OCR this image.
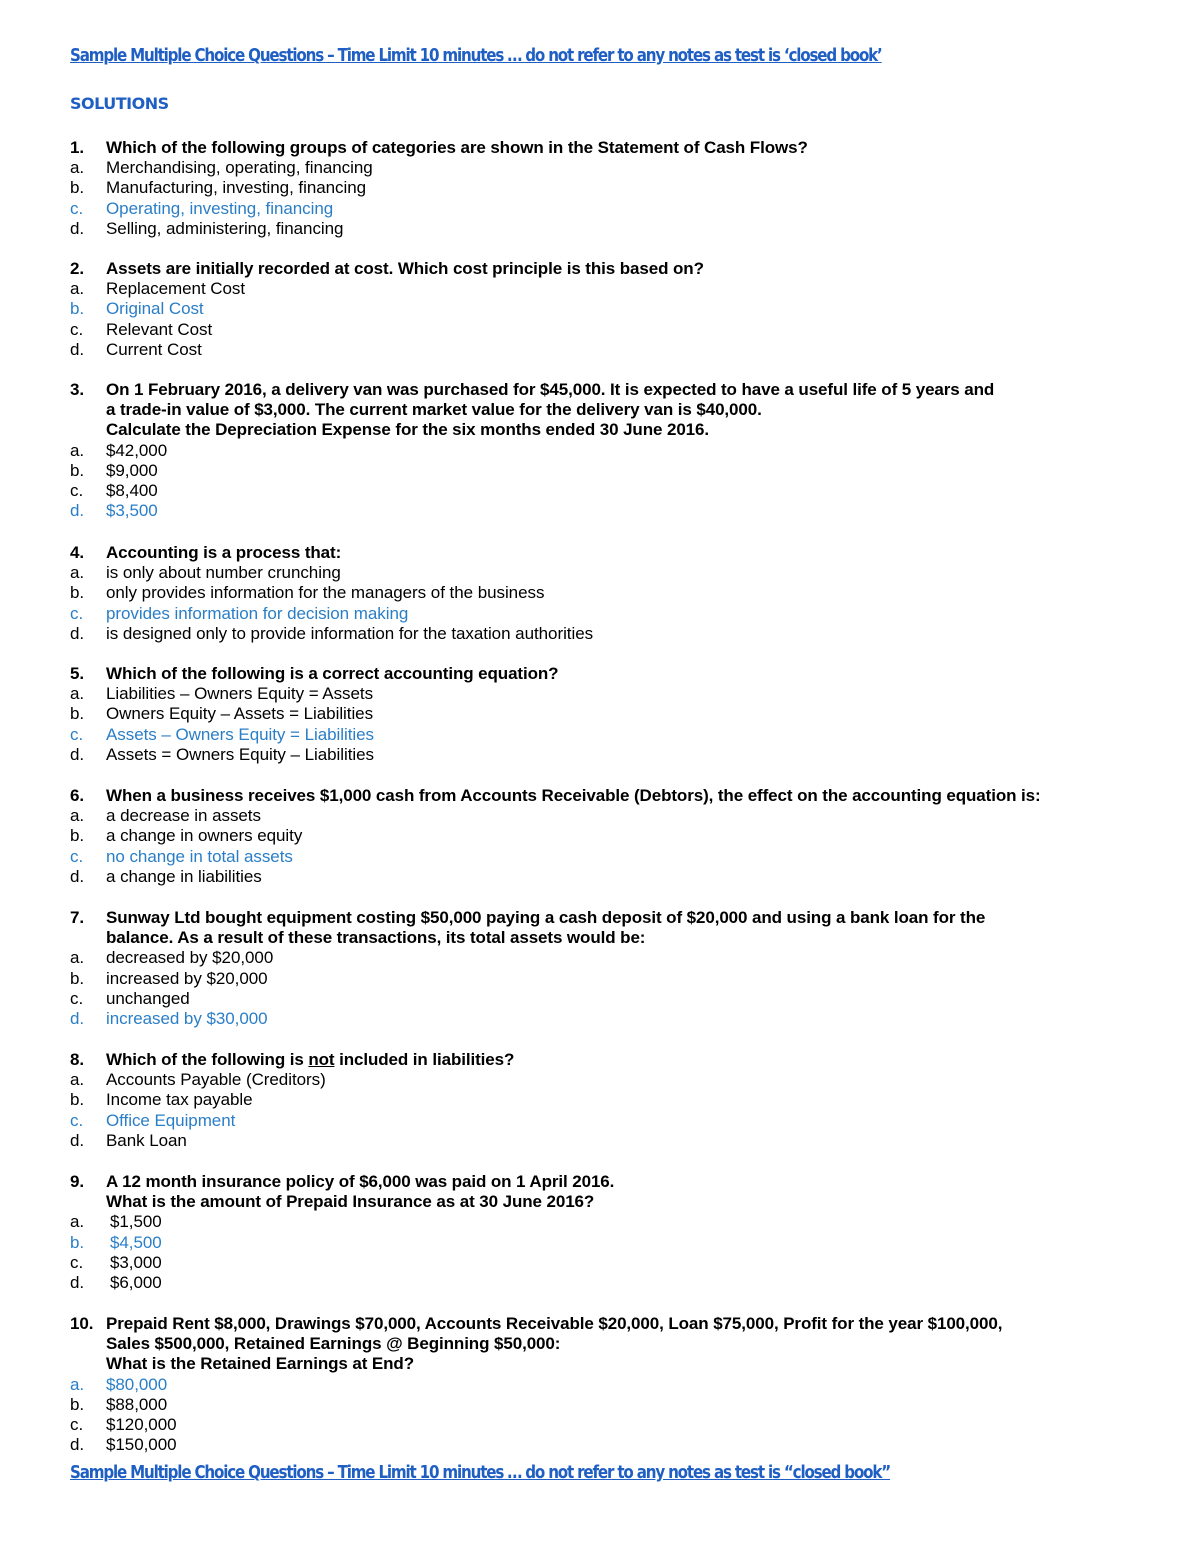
Sample Multiple Choice Questions – Time Limit 10 minutes … do not refer to any notes as test is ‘closed book’
SOLUTIONS
1. Which of the following groups of categories are shown in the Statement of Cash Flows?
a. Merchandising, operating, financing
b. Manufacturing, investing, financing
c. Operating, investing, financing
d. Selling, administering, financing
2. Assets are initially recorded at cost. Which cost principle is this based on?
a. Replacement Cost
b. Original Cost
c. Relevant Cost
d. Current Cost
3. On 1 February 2016, a delivery van was purchased for $45,000. It is expected to have a useful life of 5 years and
a trade-in value of $3,000. The current market value for the delivery van is $40,000.
Calculate the Depreciation Expense for the six months ended 30 June 2016.
a. $42,000
b. $9,000
c. $8,400
d. $3,500
4. Accounting is a process that:
a. is only about number crunching
b. only provides information for the managers of the business
c. provides information for decision making
d. is designed only to provide information for the taxation authorities
5. Which of the following is a correct accounting equation?
a. Liabilities – Owners Equity = Assets
b. Owners Equity – Assets = Liabilities
c. Assets – Owners Equity = Liabilities
d. Assets = Owners Equity – Liabilities
6. When a business receives $1,000 cash from Accounts Receivable (Debtors), the effect on the accounting equation is:
a. a decrease in assets
b. a change in owners equity
c. no change in total assets
d. a change in liabilities
7. Sunway Ltd bought equipment costing $50,000 paying a cash deposit of $20,000 and using a bank loan for the
balance. As a result of these transactions, its total assets would be:
a. decreased by $20,000
b. increased by $20,000
c. unchanged
d. increased by $30,000
8. Which of the following is not included in liabilities?
a. Accounts Payable (Creditors)
b. Income tax payable
c. Office Equipment
d. Bank Loan
9. A 12 month insurance policy of $6,000 was paid on 1 April 2016.
What is the amount of Prepaid Insurance as at 30 June 2016?
a. $1,500
b. $4,500
c. $3,000
d. $6,000
10. Prepaid Rent $8,000, Drawings $70,000, Accounts Receivable $20,000, Loan $75,000, Profit for the year $100,000,
Sales $500,000, Retained Earnings @ Beginning $50,000:
What is the Retained Earnings at End?
a. $80,000
b. $88,000
c. $120,000
d. $150,000
Sample Multiple Choice Questions – Time Limit 10 minutes … do not refer to any notes as test is “closed book”
